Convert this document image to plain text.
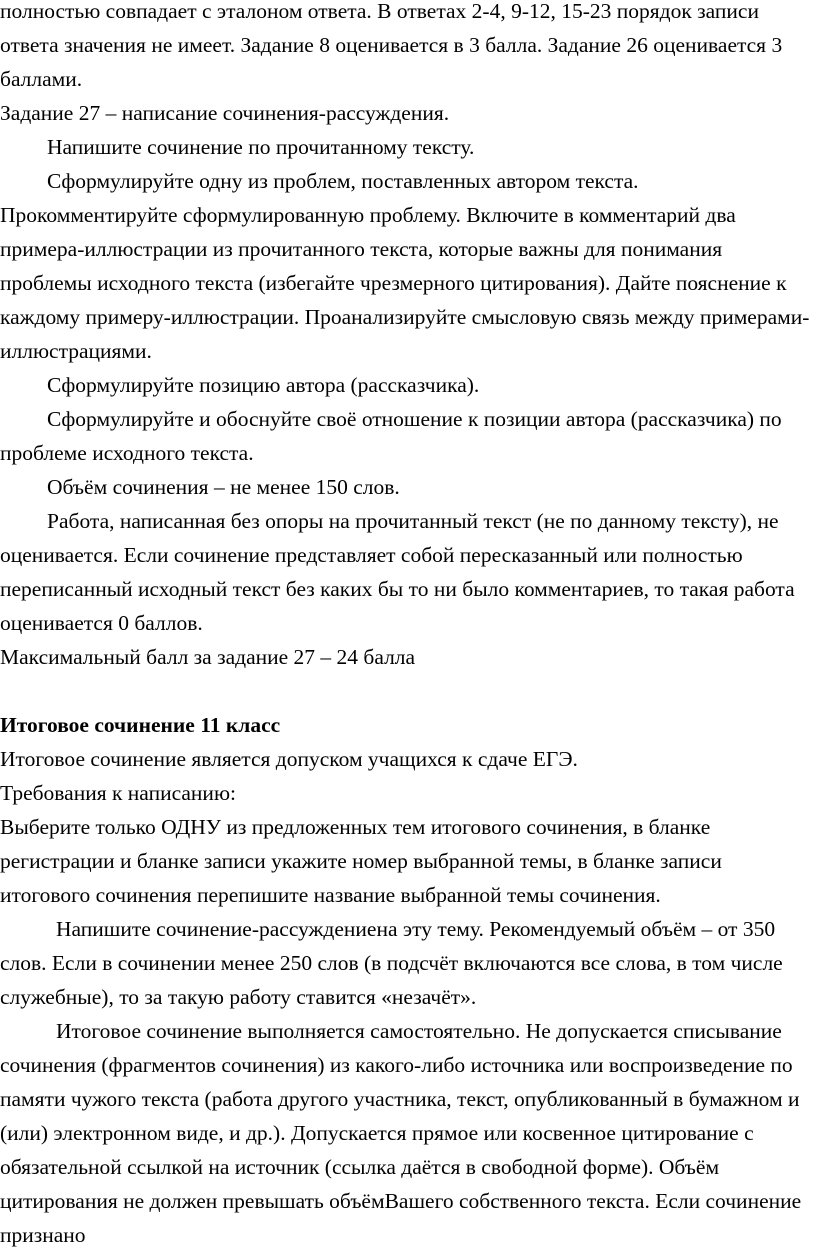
полностью совпадает с эталоном ответа. В ответах 2-4, 9-12, 15-23 порядок записи ответа значения не имеет. Задание 8 оценивается в 3 балла. Задание 26 оценивается 3 баллами.

Задание 27 – написание сочинения-рассуждения.

Напишите сочинение по прочитанному тексту.

Сформулируйте одну из проблем, поставленных автором текста. Прокомментируйте сформулированную проблему. Включите в комментарий два примера-иллюстрации из прочитанного текста, которые важны для понимания проблемы исходного текста (избегайте чрезмерного цитирования). Дайте пояснение к каждому примеру-иллюстрации. Проанализируйте смысловую связь между примерами-иллюстрациями.

Сформулируйте позицию автора (рассказчика).

Сформулируйте и обоснуйте своё отношение к позиции автора (рассказчика) по проблеме исходного текста.

Объём сочинения – не менее 150 слов.

Работа, написанная без опоры на прочитанный текст (не по данному тексту), не оценивается. Если сочинение представляет собой пересказанный или полностью переписанный исходный текст без каких бы то ни было комментариев, то такая работа оценивается 0 баллов.

Максимальный балл за задание 27 – 24 балла

Итоговое сочинение 11 класс

Итоговое сочинение является допуском учащихся к сдаче ЕГЭ.

Требования к написанию:

Выберите только ОДНУ из предложенных тем итогового сочинения, в бланке регистрации и бланке записи укажите номер выбранной темы, в бланке записи итогового сочинения перепишите название выбранной темы сочинения.

Напишите сочинение-рассуждениена эту тему. Рекомендуемый объём – от 350 слов. Если в сочинении менее 250 слов (в подсчёт включаются все слова, в том числе служебные), то за такую работу ставится «незачёт».

Итоговое сочинение выполняется самостоятельно. Не допускается списывание сочинения (фрагментов сочинения) из какого-либо источника или воспроизведение по памяти чужого текста (работа другого участника, текст, опубликованный в бумажном и (или) электронном виде, и др.). Допускается прямое или косвенное цитирование с обязательной ссылкой на источник (ссылка даётся в свободной форме). Объём цитирования не должен превышать объёмВашего собственного текста. Если сочинение признано
